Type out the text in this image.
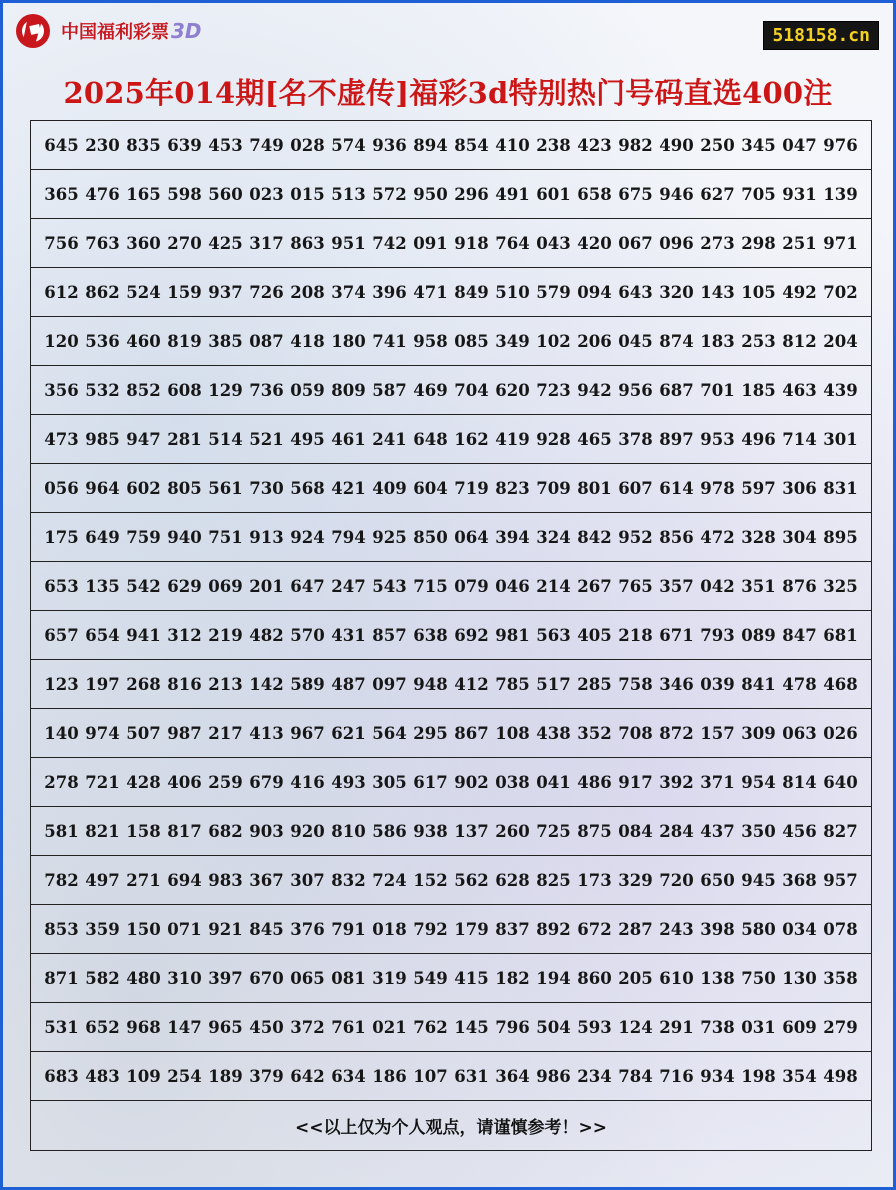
中国福利彩票 3D	518158.cn
2025年014期[名不虚传]福彩3d特别热门号码直选400注
645 230 835 639 453 749 028 574 936 894 854 410 238 423 982 490 250 345 047 976
365 476 165 598 560 023 015 513 572 950 296 491 601 658 675 946 627 705 931 139
756 763 360 270 425 317 863 951 742 091 918 764 043 420 067 096 273 298 251 971
612 862 524 159 937 726 208 374 396 471 849 510 579 094 643 320 143 105 492 702
120 536 460 819 385 087 418 180 741 958 085 349 102 206 045 874 183 253 812 204
356 532 852 608 129 736 059 809 587 469 704 620 723 942 956 687 701 185 463 439
473 985 947 281 514 521 495 461 241 648 162 419 928 465 378 897 953 496 714 301
056 964 602 805 561 730 568 421 409 604 719 823 709 801 607 614 978 597 306 831
175 649 759 940 751 913 924 794 925 850 064 394 324 842 952 856 472 328 304 895
653 135 542 629 069 201 647 247 543 715 079 046 214 267 765 357 042 351 876 325
657 654 941 312 219 482 570 431 857 638 692 981 563 405 218 671 793 089 847 681
123 197 268 816 213 142 589 487 097 948 412 785 517 285 758 346 039 841 478 468
140 974 507 987 217 413 967 621 564 295 867 108 438 352 708 872 157 309 063 026
278 721 428 406 259 679 416 493 305 617 902 038 041 486 917 392 371 954 814 640
581 821 158 817 682 903 920 810 586 938 137 260 725 875 084 284 437 350 456 827
782 497 271 694 983 367 307 832 724 152 562 628 825 173 329 720 650 945 368 957
853 359 150 071 921 845 376 791 018 792 179 837 892 672 287 243 398 580 034 078
871 582 480 310 397 670 065 081 319 549 415 182 194 860 205 610 138 750 130 358
531 652 968 147 965 450 372 761 021 762 145 796 504 593 124 291 738 031 609 279
683 483 109 254 189 379 642 634 186 107 631 364 986 234 784 716 934 198 354 498
<<以上仅为个人观点，请谨慎参考！>>
